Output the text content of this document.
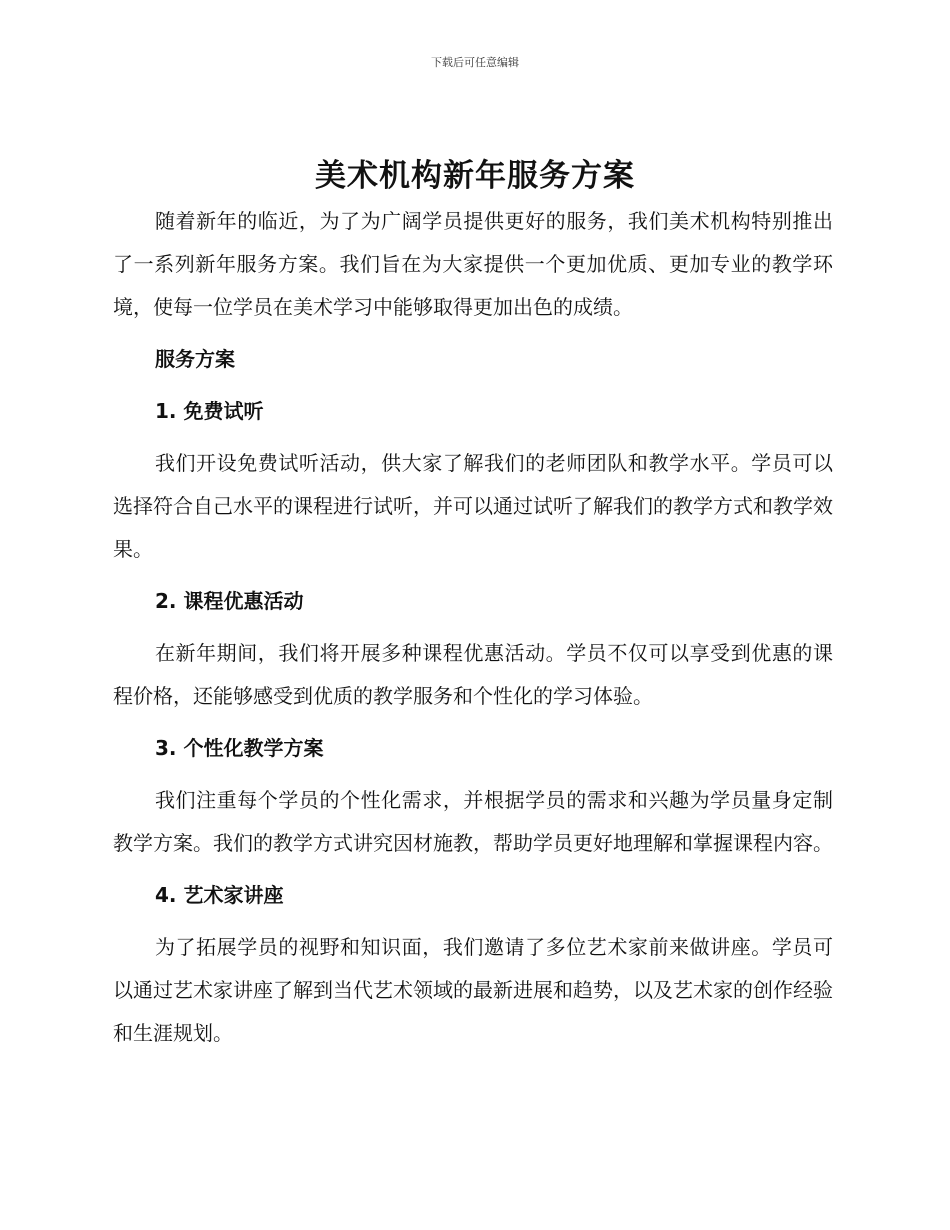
下载后可任意编辑
美术机构新年服务方案

随着新年的临近，为了为广阔学员提供更好的服务，我们美术机构特别推出了一系列新年服务方案。我们旨在为大家提供一个更加优质、更加专业的教学环境，使每一位学员在美术学习中能够取得更加出色的成绩。

服务方案

1. 免费试听

我们开设免费试听活动，供大家了解我们的老师团队和教学水平。学员可以选择符合自己水平的课程进行试听，并可以通过试听了解我们的教学方式和教学效果。

2. 课程优惠活动

在新年期间，我们将开展多种课程优惠活动。学员不仅可以享受到优惠的课程价格，还能够感受到优质的教学服务和个性化的学习体验。

3. 个性化教学方案

我们注重每个学员的个性化需求，并根据学员的需求和兴趣为学员量身定制教学方案。我们的教学方式讲究因材施教，帮助学员更好地理解和掌握课程内容。

4. 艺术家讲座

为了拓展学员的视野和知识面，我们邀请了多位艺术家前来做讲座。学员可以通过艺术家讲座了解到当代艺术领域的最新进展和趋势，以及艺术家的创作经验和生涯规划。
